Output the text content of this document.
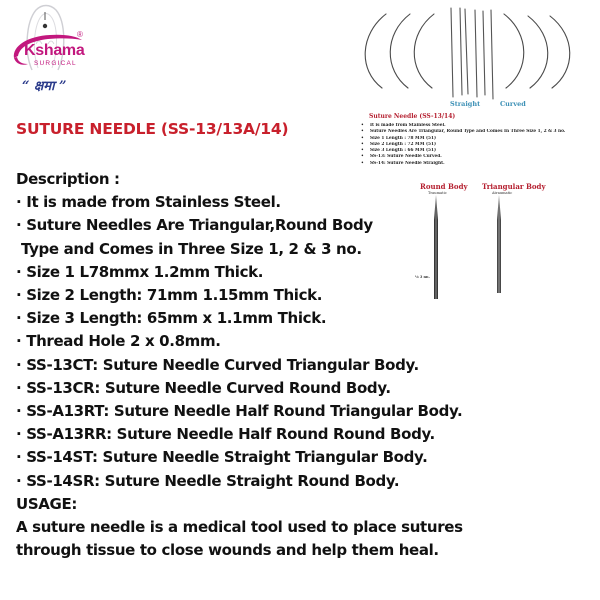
Kshama
®
SURGICAL
“ क्षमा ”
Straight	Curved
Suture Needle (SS-13/14)
• It is made from Stainless Steel.
• Suture Needles Are Triangular, Round Type and Comes In Three Size 1, 2 & 3 no.
• Size 1 Length : 78 MM (51)
• Size 2 Length : 72 MM (51)
• Size 3 Length : 66 MM (51)
• SS-13: Suture Needle Curved.
• SS-14: Suture Needle Straight.
Round Body
Traumatic
Triangular Body
Atraumatic
⅛ 3 nn.
SUTURE NEEDLE (SS-13/13A/14)
Description :
· It is made from Stainless Steel.
· Suture Needles Are Triangular,Round Body
Type and Comes in Three Size 1, 2 & 3 no.
· Size 1 L78mmx 1.2mm Thick.
· Size 2 Length: 71mm 1.15mm Thick.
· Size 3 Length: 65mm x 1.1mm Thick.
· Thread Hole 2 x 0.8mm.
· SS-13CT: Suture Needle Curved Triangular Body.
· SS-13CR: Suture Needle Curved Round Body.
· SS-A13RT: Suture Needle Half Round Triangular Body.
· SS-A13RR: Suture Needle Half Round Round Body.
· SS-14ST: Suture Needle Straight Triangular Body.
· SS-14SR: Suture Needle Straight Round Body.
USAGE:
A suture needle is a medical tool used to place sutures
through tissue to close wounds and help them heal.
